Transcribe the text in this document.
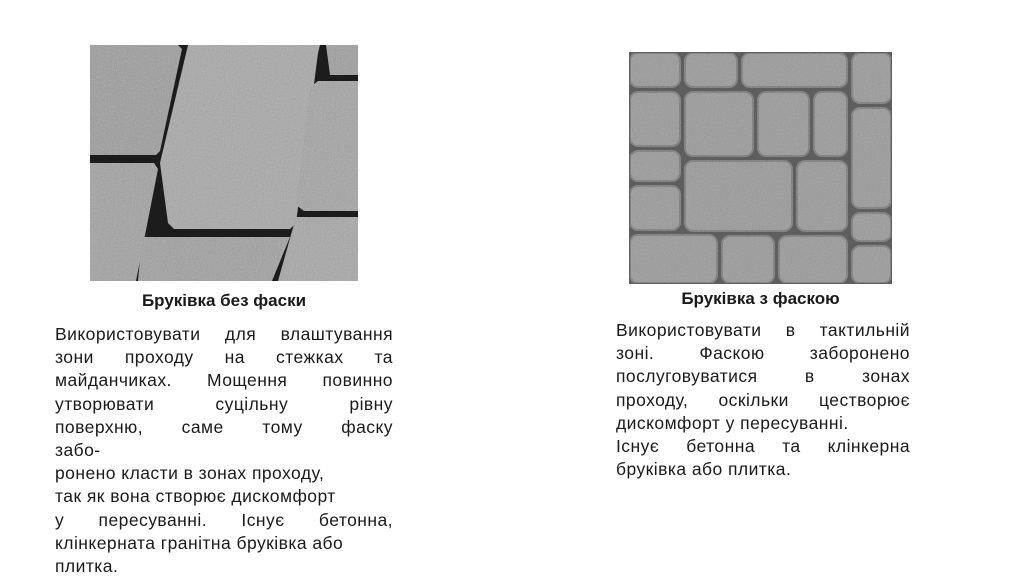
Бруківка без фаски	Бруківка з фаскою
Використовувати для влаштування
зони проходу на стежках та
майданчиках. Мощення повинно
утворювати суцільну рівну
поверхню, саме тому фаску
забо-
ронено класти в зонах проходу,
так як вона створює дискомфорт
у пересуванні. Існує бетонна,
клінкерната гранітна бруківка або
плитка.
Використовувати в тактильній
зоні. Фаскою заборонено
послуговуватися в зонах
проходу, оскільки цестворює
дискомфорт у пересуванні.
Існує бетонна та клінкерна
бруківка або плитка.
